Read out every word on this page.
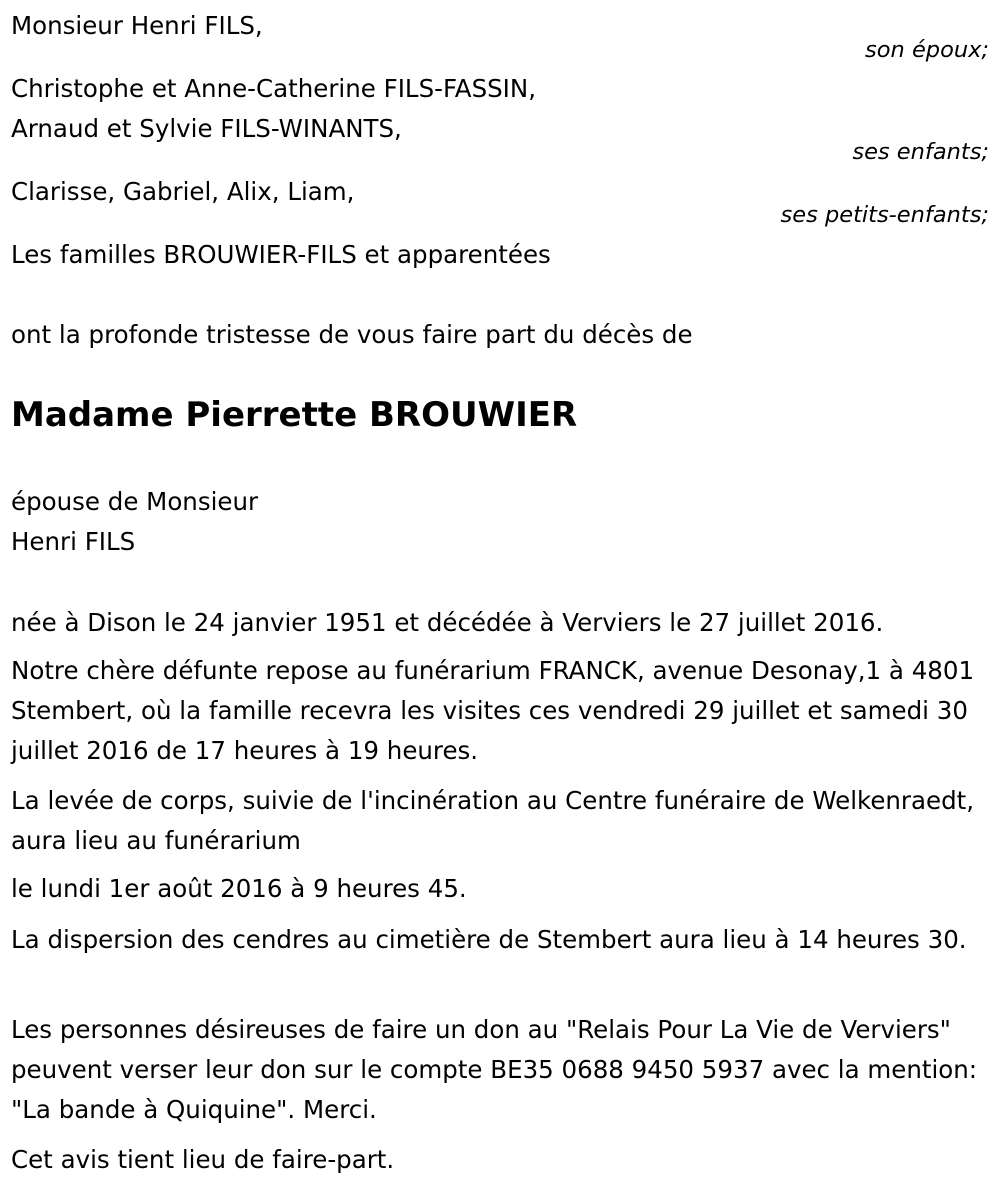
Monsieur Henri FILS,
son époux;
Christophe et Anne-Catherine FILS-FASSIN,
Arnaud et Sylvie FILS-WINANTS,
ses enfants;
Clarisse, Gabriel, Alix, Liam,
ses petits-enfants;
Les familles BROUWIER-FILS et apparentées
ont la profonde tristesse de vous faire part du décès de
Madame Pierrette BROUWIER
épouse de Monsieur
Henri FILS
née à Dison le 24 janvier 1951 et décédée à Verviers le 27 juillet 2016.
Notre chère défunte repose au funérarium FRANCK, avenue Desonay,1 à 4801 Stembert, où la famille recevra les visites ces vendredi 29 juillet et samedi 30 juillet 2016 de 17 heures à 19 heures.
La levée de corps, suivie de l'incinération au Centre funéraire de Welkenraedt, aura lieu au funérarium
le lundi 1er août 2016 à 9 heures 45.
La dispersion des cendres au cimetière de Stembert aura lieu à 14 heures 30.
Les personnes désireuses de faire un don au "Relais Pour La Vie de Verviers" peuvent verser leur don sur le compte BE35 0688 9450 5937 avec la mention: "La bande à Quiquine". Merci.
Cet avis tient lieu de faire-part.
